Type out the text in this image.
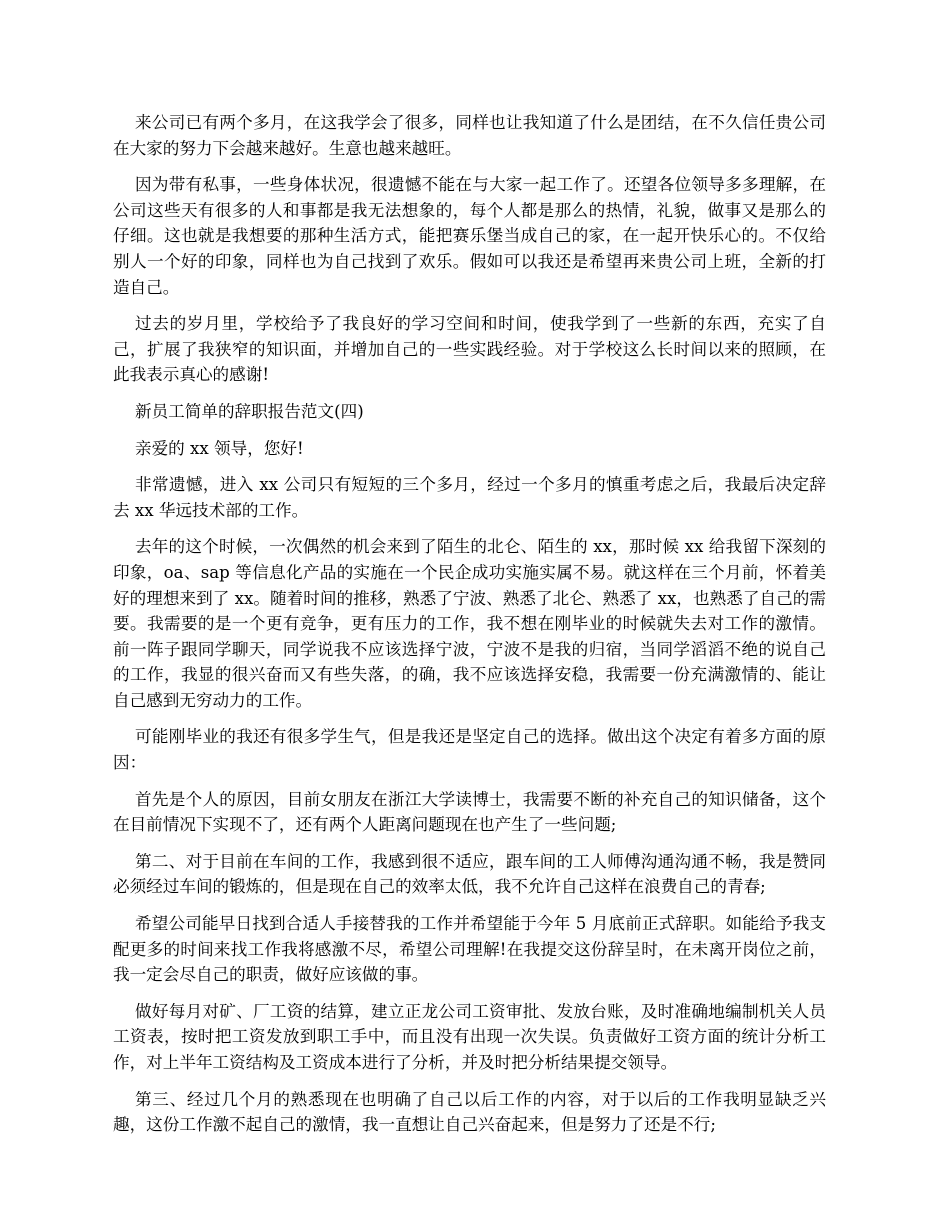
来公司已有两个多月，在这我学会了很多，同样也让我知道了什么是团结，在不久信任贵公司在大家的努力下会越来越好。生意也越来越旺。

因为带有私事，一些身体状况，很遗憾不能在与大家一起工作了。还望各位领导多多理解，在公司这些天有很多的人和事都是我无法想象的，每个人都是那么的热情，礼貌，做事又是那么的仔细。这也就是我想要的那种生活方式，能把赛乐堡当成自己的家，在一起开快乐心的。不仅给别人一个好的印象，同样也为自己找到了欢乐。假如可以我还是希望再来贵公司上班，全新的打造自己。

过去的岁月里，学校给予了我良好的学习空间和时间，使我学到了一些新的东西，充实了自己，扩展了我狭窄的知识面，并增加自己的一些实践经验。对于学校这么长时间以来的照顾，在此我表示真心的感谢!

新员工简单的辞职报告范文(四)

亲爱的 xx 领导，您好!

非常遗憾，进入 xx 公司只有短短的三个多月，经过一个多月的慎重考虑之后，我最后决定辞去 xx 华远技术部的工作。

去年的这个时候，一次偶然的机会来到了陌生的北仑、陌生的 xx，那时候 xx 给我留下深刻的印象，oa、sap 等信息化产品的实施在一个民企成功实施实属不易。就这样在三个月前，怀着美好的理想来到了 xx。随着时间的推移，熟悉了宁波、熟悉了北仑、熟悉了 xx，也熟悉了自己的需要。我需要的是一个更有竞争，更有压力的工作，我不想在刚毕业的时候就失去对工作的激情。前一阵子跟同学聊天，同学说我不应该选择宁波，宁波不是我的归宿，当同学滔滔不绝的说自己的工作，我显的很兴奋而又有些失落，的确，我不应该选择安稳，我需要一份充满激情的、能让自己感到无穷动力的工作。

可能刚毕业的我还有很多学生气，但是我还是坚定自己的选择。做出这个决定有着多方面的原因：

首先是个人的原因，目前女朋友在浙江大学读博士，我需要不断的补充自己的知识储备，这个在目前情况下实现不了，还有两个人距离问题现在也产生了一些问题;

第二、对于目前在车间的工作，我感到很不适应，跟车间的工人师傅沟通沟通不畅，我是赞同必须经过车间的锻炼的，但是现在自己的效率太低，我不允许自己这样在浪费自己的青春;

希望公司能早日找到合适人手接替我的工作并希望能于今年 5 月底前正式辞职。如能给予我支配更多的时间来找工作我将感激不尽，希望公司理解!在我提交这份辞呈时，在未离开岗位之前，我一定会尽自己的职责，做好应该做的事。

做好每月对矿、厂工资的结算，建立正龙公司工资审批、发放台账，及时准确地编制机关人员工资表，按时把工资发放到职工手中，而且没有出现一次失误。负责做好工资方面的统计分析工作，对上半年工资结构及工资成本进行了分析，并及时把分析结果提交领导。

第三、经过几个月的熟悉现在也明确了自己以后工作的内容，对于以后的工作我明显缺乏兴趣，这份工作激不起自己的激情，我一直想让自己兴奋起来，但是努力了还是不行;
